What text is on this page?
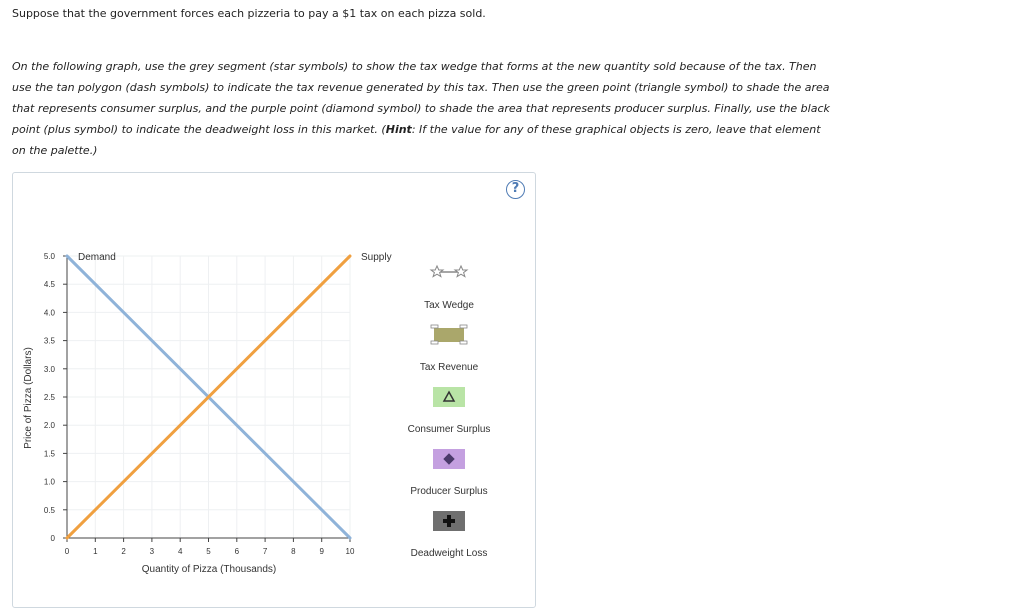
Suppose that the government forces each pizzeria to pay a $1 tax on each pizza sold.
On the following graph, use the grey segment (star symbols) to show the tax wedge that forms at the new quantity sold because of the tax. Then use the tan polygon (dash symbols) to indicate the tax revenue generated by this tax. Then use the green point (triangle symbol) to shade the area that represents consumer surplus, and the purple point (diamond symbol) to shade the area that represents producer surplus. Finally, use the black point (plus symbol) to indicate the deadweight loss in this market. (Hint: If the value for any of these graphical objects is zero, leave that element on the palette.)
?
0	1	2	3	4	5	6	7	8	9	10
0
0.5
1.0
1.5
2.0
2.5
3.0
3.5
4.0
4.5
5.0
Quantity of Pizza (Thousands)
Price of Pizza (Dollars)
Demand	Supply
Tax Wedge
Tax Revenue
Consumer Surplus
Producer Surplus
Deadweight Loss
